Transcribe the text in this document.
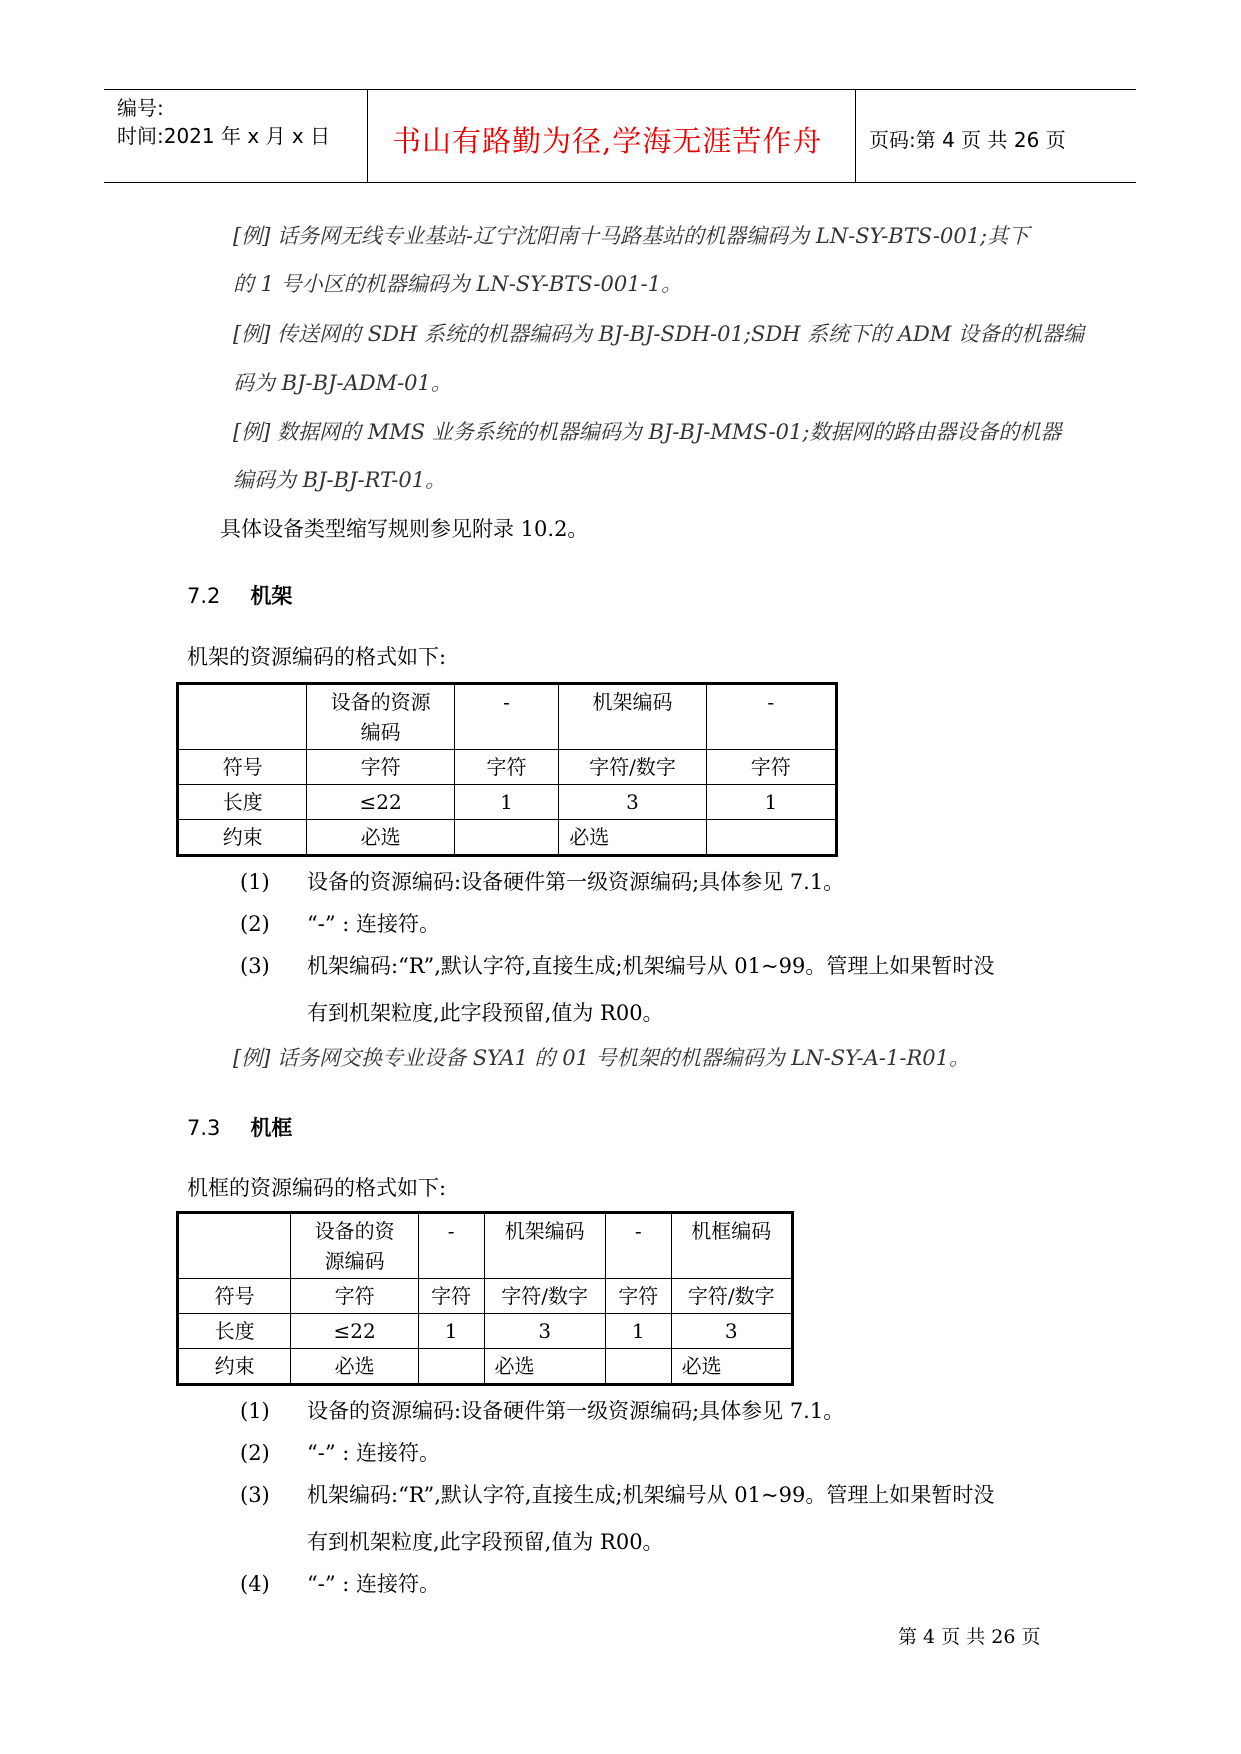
编号:
时间:2021 年 x 月 x 日 书山有路勤为径,学海无涯苦作舟 页码:第 4 页 共 26 页
[例] 话务网无线专业基站-辽宁沈阳南十马路基站的机器编码为 LN-SY-BTS-001;其下
的 1 号小区的机器编码为 LN-SY-BTS-001-1。
[例] 传送网的 SDH 系统的机器编码为 BJ-BJ-SDH-01;SDH 系统下的 ADM 设备的机器编
码为 BJ-BJ-ADM-01。
[例] 数据网的 MMS 业务系统的机器编码为 BJ-BJ-MMS-01;数据网的路由器设备的机器
编码为 BJ-BJ-RT-01。
具体设备类型缩写规则参见附录 10.2。
7.2 机架
机架的资源编码的格式如下:
	设备的资源编码	-	机架编码	-
符号	字符	字符	字符/数字	字符
长度	≤22	1	3	1
约束	必选		必选	
(1) 设备的资源编码:设备硬件第一级资源编码;具体参见 7.1。
(2) “-” : 连接符。
(3) 机架编码:“R”,默认字符,直接生成;机架编号从 01~99。管理上如果暂时没
有到机架粒度,此字段预留,值为 R00。
[例] 话务网交换专业设备 SYA1 的 01 号机架的机器编码为 LN-SY-A-1-R01。
7.3 机框
机框的资源编码的格式如下:
	设备的资源编码	-	机架编码	-	机框编码
符号	字符	字符	字符/数字	字符	字符/数字
长度	≤22	1	3	1	3
约束	必选		必选		必选
(1) 设备的资源编码:设备硬件第一级资源编码;具体参见 7.1。
(2) “-” : 连接符。
(3) 机架编码:“R”,默认字符,直接生成;机架编号从 01~99。管理上如果暂时没
有到机架粒度,此字段预留,值为 R00。
(4) “-” : 连接符。
第 4 页 共 26 页
